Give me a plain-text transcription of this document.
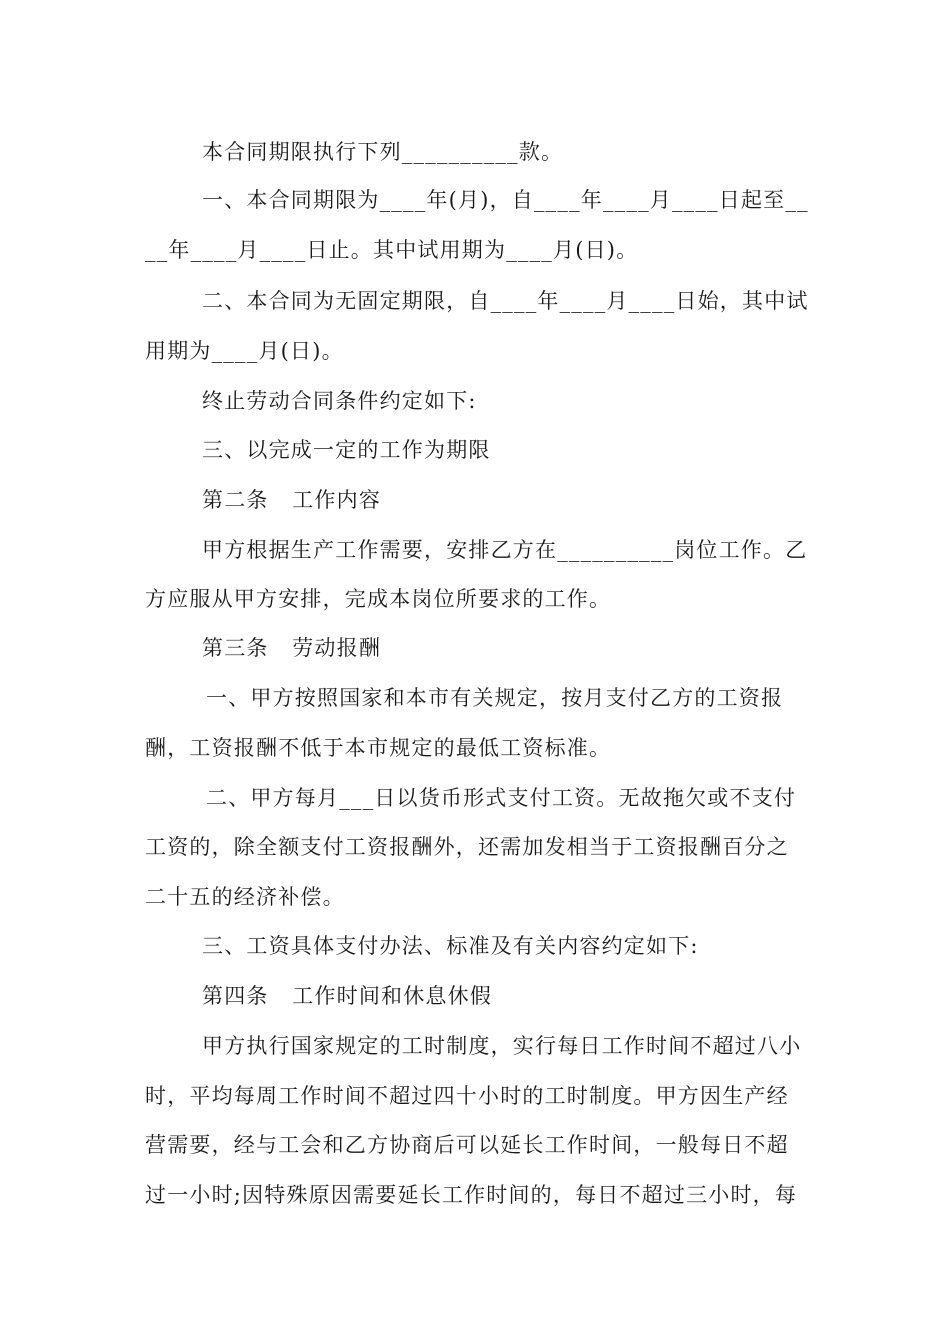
本合同期限执行下列__________款。
一、本合同期限为____年(月)，自____年____月____日起至__
__年____月____日止。其中试用期为____月(日)。
二、本合同为无固定期限，自____年____月____日始，其中试
用期为____月(日)。
终止劳动合同条件约定如下:
三、以完成一定的工作为期限
第二条   工作内容
甲方根据生产工作需要，安排乙方在__________岗位工作。乙
方应服从甲方安排，完成本岗位所要求的工作。
第三条   劳动报酬
一、甲方按照国家和本市有关规定，按月支付乙方的工资报
酬，工资报酬不低于本市规定的最低工资标准。
二、甲方每月___日以货币形式支付工资。无故拖欠或不支付
工资的，除全额支付工资报酬外，还需加发相当于工资报酬百分之
二十五的经济补偿。
三、工资具体支付办法、标准及有关内容约定如下:
第四条   工作时间和休息休假
甲方执行国家规定的工时制度，实行每日工作时间不超过八小
时，平均每周工作时间不超过四十小时的工时制度。甲方因生产经
营需要，经与工会和乙方协商后可以延长工作时间，一般每日不超
过一小时;因特殊原因需要延长工作时间的，每日不超过三小时，每
